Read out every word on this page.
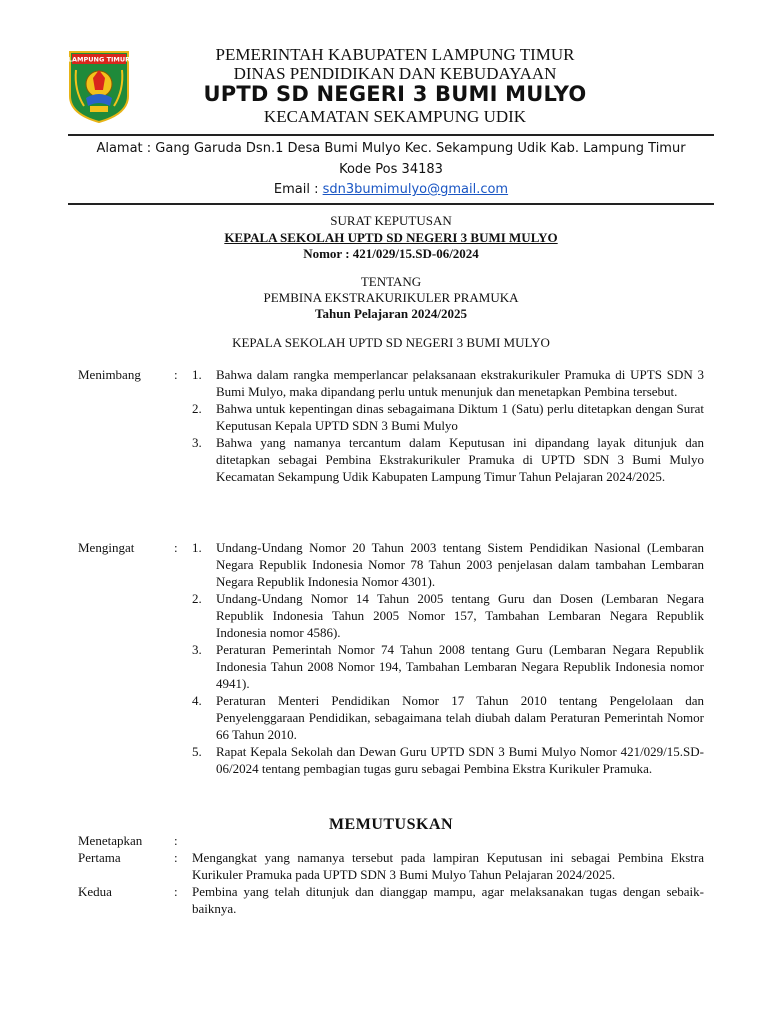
LAMPUNG TIMUR	PEMERINTAH KABUPATEN LAMPUNG TIMUR
DINAS PENDIDIKAN DAN KEBUDAYAAN
UPTD SD NEGERI 3 BUMI MULYO
KECAMATAN SEKAMPUNG UDIK
Alamat : Gang Garuda Dsn.1 Desa Bumi Mulyo Kec. Sekampung Udik Kab. Lampung Timur
Kode Pos 34183
Email : sdn3bumimulyo@gmail.com
SURAT KEPUTUSAN
KEPALA SEKOLAH UPTD SD NEGERI 3 BUMI MULYO
Nomor : 421/029/15.SD-06/2024
TENTANG
PEMBINA EKSTRAKURIKULER PRAMUKA
Tahun Pelajaran 2024/2025
KEPALA SEKOLAH UPTD SD NEGERI 3 BUMI MULYO
Menimbang	:	1.	Bahwa dalam rangka memperlancar pelaksanaan ekstrakurikuler Pramuka di UPTS SDN 3 Bumi Mulyo, maka dipandang perlu untuk menunjuk dan menetapkan Pembina tersebut.
2.	Bahwa untuk kepentingan dinas sebagaimana Diktum 1 (Satu) perlu ditetapkan dengan Surat Keputusan Kepala UPTD SDN 3 Bumi Mulyo
3.	Bahwa yang namanya tercantum dalam Keputusan ini dipandang layak ditunjuk dan ditetapkan sebagai Pembina Ekstrakurikuler Pramuka di UPTD SDN 3 Bumi Mulyo Kecamatan Sekampung Udik Kabupaten Lampung Timur Tahun Pelajaran 2024/2025.
Mengingat	:	1.	Undang-Undang Nomor 20 Tahun 2003 tentang Sistem Pendidikan Nasional (Lembaran Negara Republik Indonesia Nomor 78 Tahun 2003 penjelasan dalam tambahan Lembaran Negara Republik Indonesia Nomor 4301).
2.	Undang-Undang Nomor 14 Tahun 2005 tentang Guru dan Dosen (Lembaran Negara Republik Indonesia Tahun 2005 Nomor 157, Tambahan Lembaran Negara Republik Indonesia nomor 4586).
3.	Peraturan Pemerintah Nomor 74 Tahun 2008 tentang Guru (Lembaran Negara Republik Indonesia Tahun 2008 Nomor 194, Tambahan Lembaran Negara Republik Indonesia nomor 4941).
4.	Peraturan Menteri Pendidikan Nomor 17 Tahun 2010 tentang Pengelolaan dan Penyelenggaraan Pendidikan, sebagaimana telah diubah dalam Peraturan Pemerintah Nomor 66 Tahun 2010.
5.	Rapat Kepala Sekolah dan Dewan Guru UPTD SDN 3 Bumi Mulyo Nomor 421/029/15.SD-06/2024 tentang pembagian tugas guru sebagai Pembina Ekstra Kurikuler Pramuka.
MEMUTUSKAN
Menetapkan	:
Pertama	:	Mengangkat yang namanya tersebut pada lampiran Keputusan ini sebagai Pembina Ekstra Kurikuler Pramuka pada UPTD SDN 3 Bumi Mulyo Tahun Pelajaran 2024/2025.
Kedua	:	Pembina yang telah ditunjuk dan dianggap mampu, agar melaksanakan tugas dengan sebaik-baiknya.
